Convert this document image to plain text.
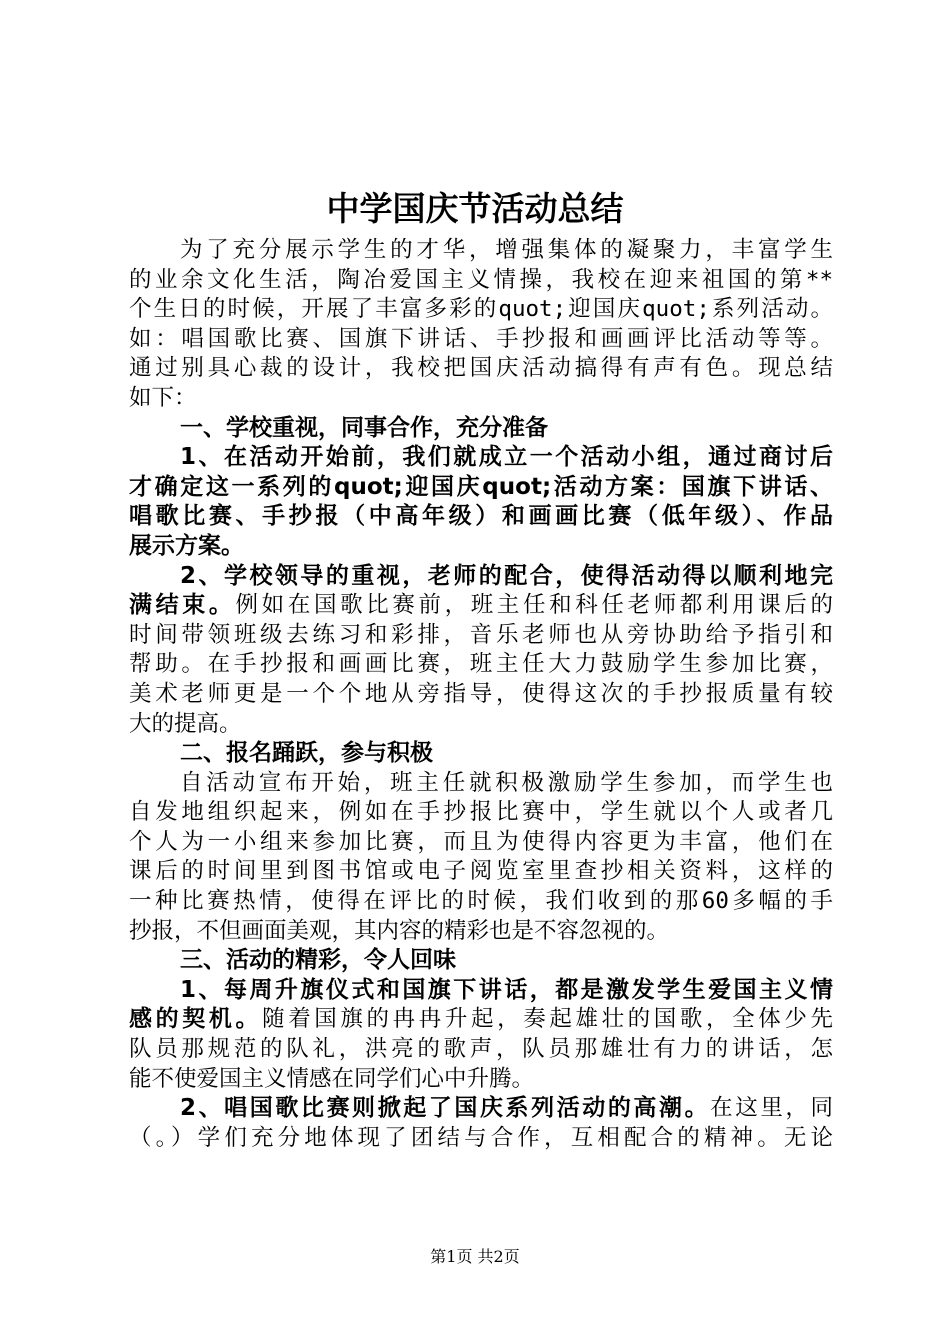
中学国庆节活动总结
为了充分展示学生的才华，增强集体的凝聚力，丰富学生
的业余文化生活，陶冶爱国主义情操，我校在迎来祖国的第**
个生日的时候，开展了丰富多彩的quot;迎国庆quot;系列活动。
如：唱国歌比赛、国旗下讲话、手抄报和画画评比活动等等。
通过别具心裁的设计，我校把国庆活动搞得有声有色。现总结
如下：
一、学校重视，同事合作，充分准备
1、在活动开始前，我们就成立一个活动小组，通过商讨后
才确定这一系列的quot;迎国庆quot;活动方案：国旗下讲话、
唱歌比赛、手抄报（中高年级）和画画比赛（低年级）、作品
展示方案。
2、学校领导的重视，老师的配合，使得活动得以顺利地完
满结束。例如在国歌比赛前，班主任和科任老师都利用课后的
时间带领班级去练习和彩排，音乐老师也从旁协助给予指引和
帮助。在手抄报和画画比赛，班主任大力鼓励学生参加比赛，
美术老师更是一个个地从旁指导，使得这次的手抄报质量有较
大的提高。
二、报名踊跃，参与积极
自活动宣布开始，班主任就积极激励学生参加，而学生也
自发地组织起来，例如在手抄报比赛中，学生就以个人或者几
个人为一小组来参加比赛，而且为使得内容更为丰富，他们在
课后的时间里到图书馆或电子阅览室里查抄相关资料，这样的
一种比赛热情，使得在评比的时候，我们收到的那60多幅的手
抄报，不但画面美观，其内容的精彩也是不容忽视的。
三、活动的精彩，令人回味
1、每周升旗仪式和国旗下讲话，都是激发学生爱国主义情
感的契机。随着国旗的冉冉升起，奏起雄壮的国歌，全体少先
队员那规范的队礼，洪亮的歌声，队员那雄壮有力的讲话，怎
能不使爱国主义情感在同学们心中升腾。
2、唱国歌比赛则掀起了国庆系列活动的高潮。在这里，同
（。）学们充分地体现了团结与合作，互相配合的精神。无论
第1页 共2页
